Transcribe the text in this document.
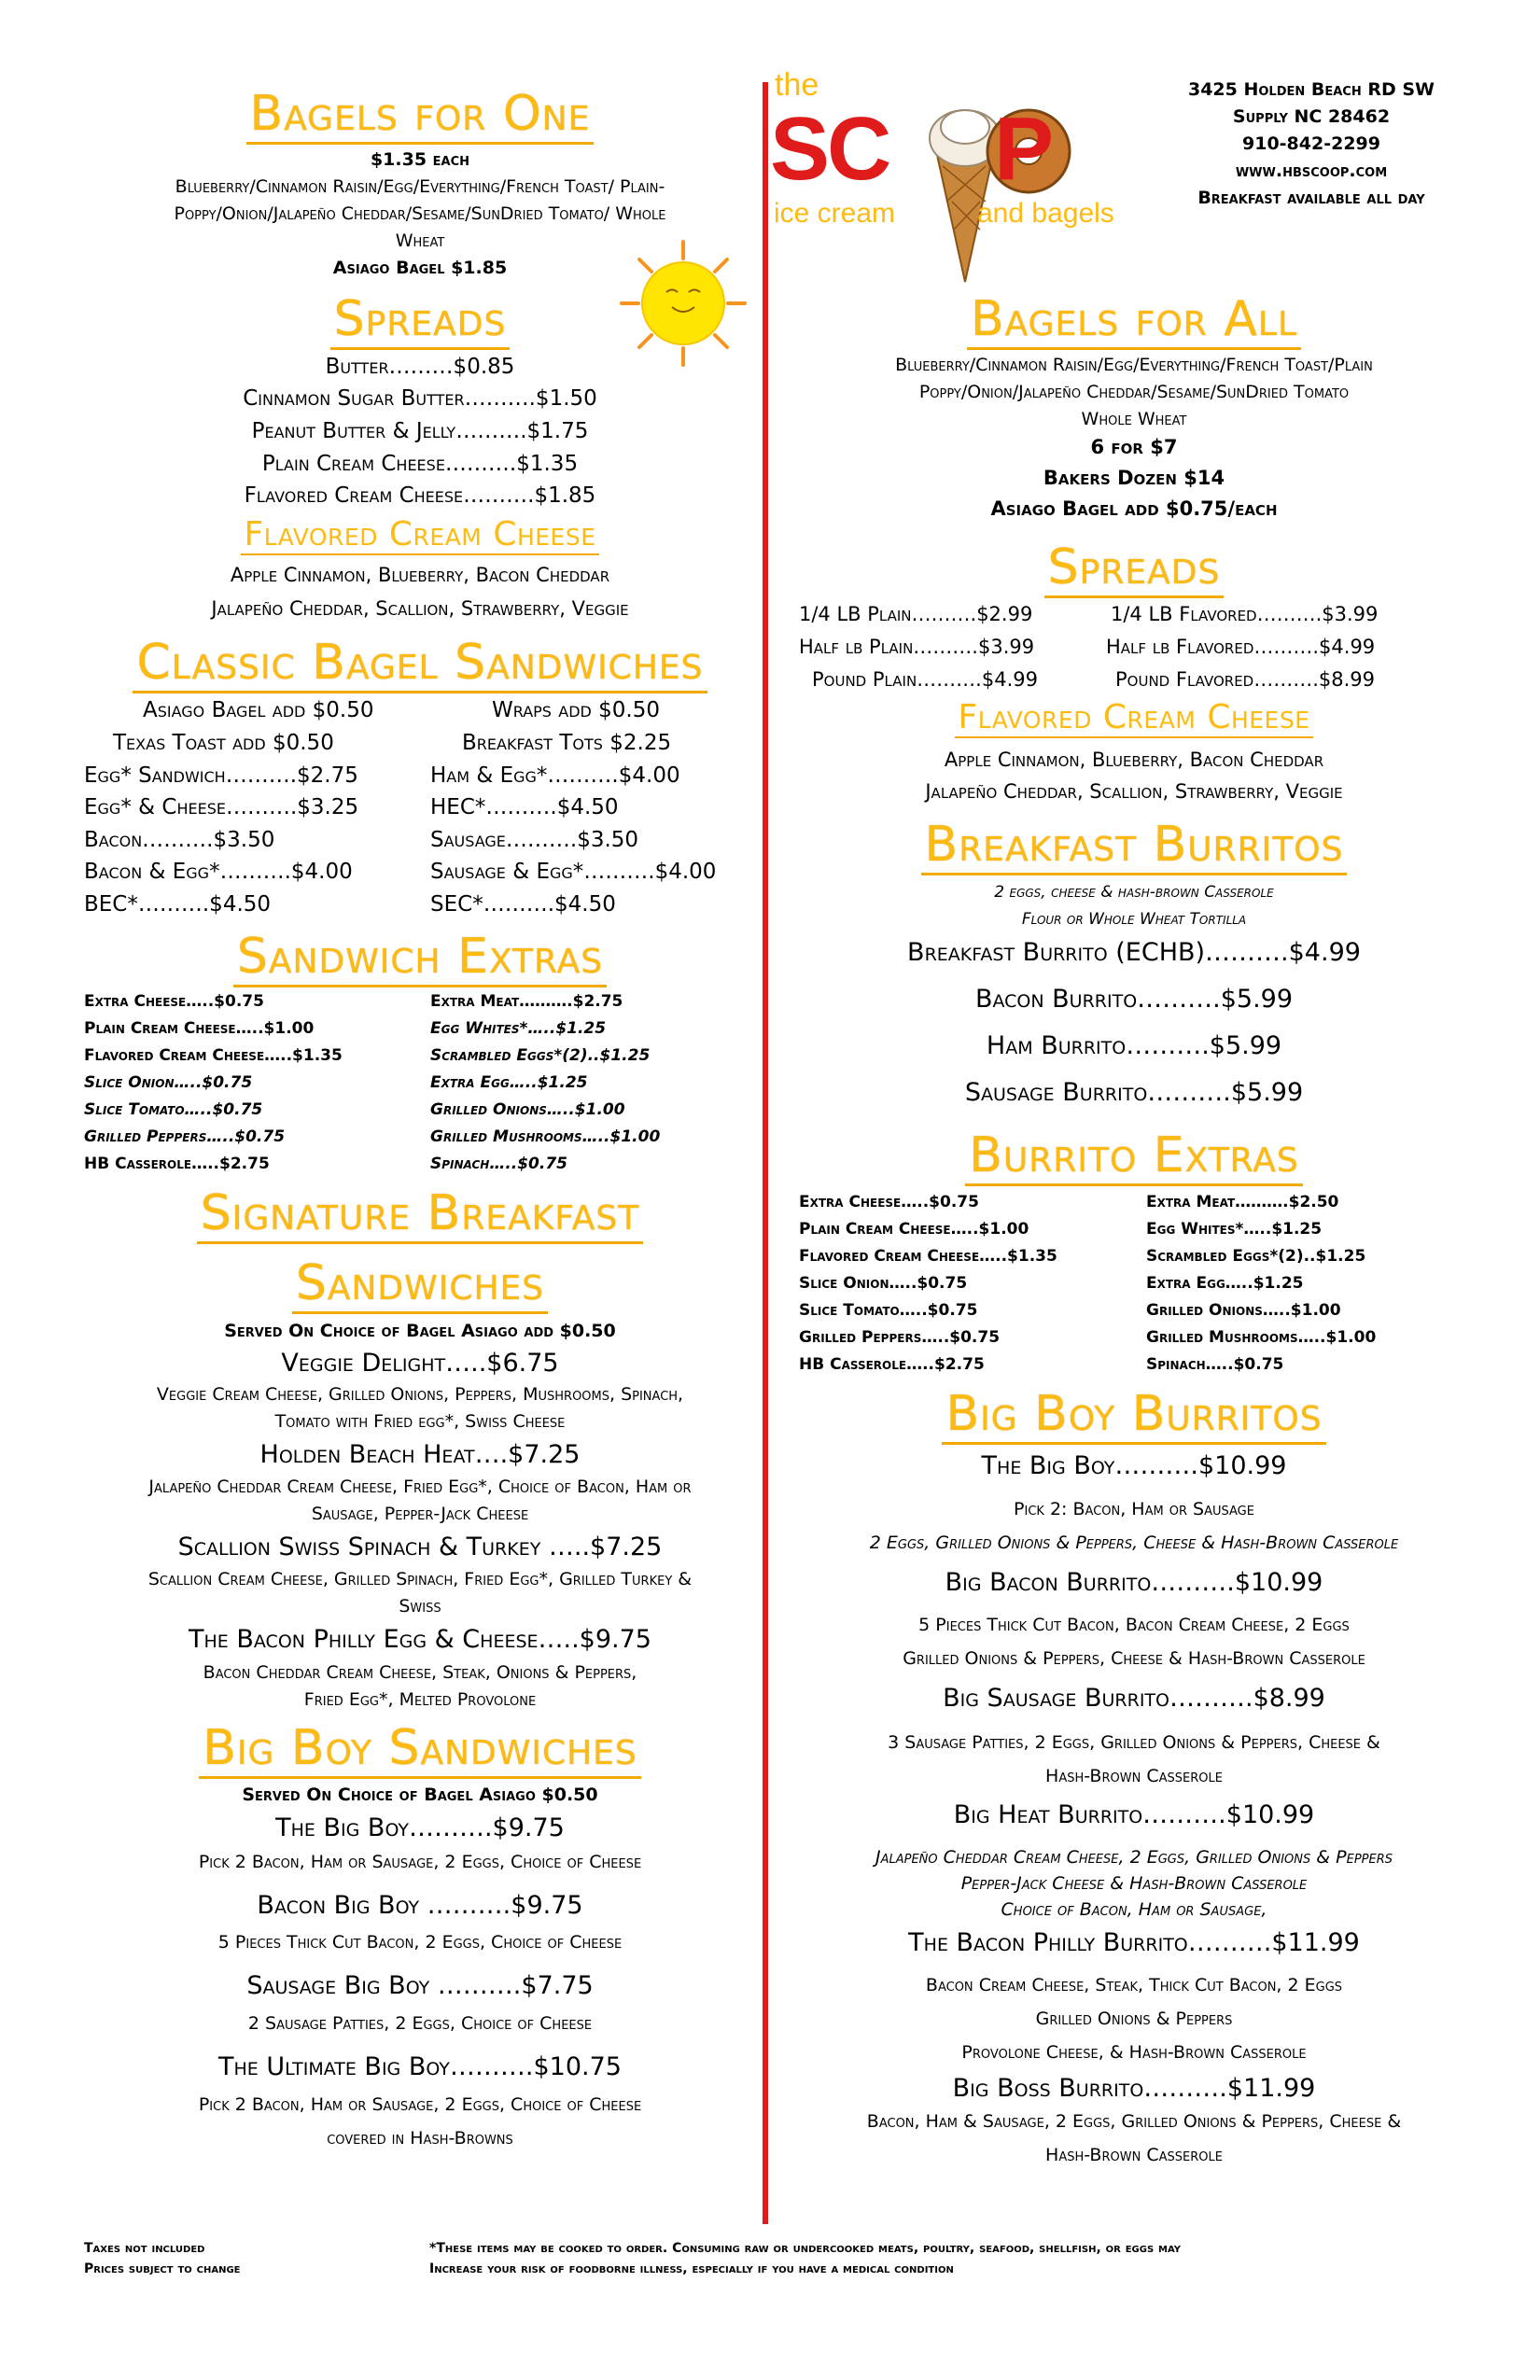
Bagels for One
$1.35 each
Blueberry/Cinnamon Raisin/Egg/Everything/French Toast/ Plain-
Poppy/Onion/Jalapeño Cheddar/Sesame/SunDried Tomato/ Whole
Wheat
Asiago Bagel $1.85
Spreads
Butter………$0.85
Cinnamon Sugar Butter……….$1.50
Peanut Butter & Jelly……….$1.75
Plain Cream Cheese……….$1.35
Flavored Cream Cheese……….$1.85
Flavored Cream Cheese
Apple Cinnamon, Blueberry, Bacon Cheddar
Jalapeño Cheddar, Scallion, Strawberry, Veggie
Classic Bagel Sandwiches
Asiago Bagel add $0.50
Texas Toast add $0.50
Egg* Sandwich……….$2.75
Egg* & Cheese……….$3.25
Bacon……….$3.50
Bacon & Egg*……….$4.00
BEC*……….$4.50
Wraps add $0.50
Breakfast Tots $2.25
Ham & Egg*……….$4.00
HEC*……….$4.50
Sausage……….$3.50
Sausage & Egg*……….$4.00
SEC*……….$4.50
Sandwich Extras
Extra Cheese…..$0.75
Plain Cream Cheese…..$1.00
Flavored Cream Cheese…..$1.35
Slice Onion…..$0.75
Slice Tomato…..$0.75
Grilled Peppers…..$0.75
HB Casserole…..$2.75
Extra Meat……….$2.75
Egg Whites*…..$1.25
Scrambled Eggs*(2)..$1.25
Extra Egg…..$1.25
Grilled Onions…..$1.00
Grilled Mushrooms…..$1.00
Spinach…..$0.75
Signature Breakfast
Sandwiches
Served On Choice of Bagel Asiago add $0.50
Veggie Delight…..$6.75
Veggie Cream Cheese, Grilled Onions, Peppers, Mushrooms, Spinach,
Tomato with Fried egg*, Swiss Cheese
Holden Beach Heat….$7.25
Jalapeño Cheddar Cream Cheese, Fried Egg*, Choice of Bacon, Ham or
Sausage, Pepper-Jack Cheese
Scallion Swiss Spinach & Turkey …..$7.25
Scallion Cream Cheese, Grilled Spinach, Fried Egg*, Grilled Turkey &
Swiss
The Bacon Philly Egg & Cheese…..$9.75
Bacon Cheddar Cream Cheese, Steak, Onions & Peppers,
Fried Egg*, Melted Provolone
Big Boy Sandwiches
Served On Choice of Bagel Asiago $0.50
The Big Boy……….$9.75
Pick 2 Bacon, Ham or Sausage, 2 Eggs, Choice of Cheese
Bacon Big Boy ……….$9.75
5 Pieces Thick Cut Bacon, 2 Eggs, Choice of Cheese
Sausage Big Boy ……….$7.75
2 Sausage Patties, 2 Eggs, Choice of Cheese
The Ultimate Big Boy……….$10.75
Pick 2 Bacon, Ham or Sausage, 2 Eggs, Choice of Cheese
covered in Hash-Browns
the
SC P
ice cream	and bagels
3425 Holden Beach RD SW
Supply NC 28462
910-842-2299
www.hbscoop.com
Breakfast available all day
Bagels for All
Blueberry/Cinnamon Raisin/Egg/Everything/French Toast/Plain
Poppy/Onion/Jalapeño Cheddar/Sesame/SunDried Tomato
Whole Wheat
6 for $7
Bakers Dozen $14
Asiago Bagel add $0.75/each
Spreads
1/4 LB Plain……….$2.99
Half lb Plain……….$3.99
Pound Plain……….$4.99
1/4 LB Flavored……….$3.99
Half lb Flavored……….$4.99
Pound Flavored……….$8.99
Flavored Cream Cheese
Apple Cinnamon, Blueberry, Bacon Cheddar
Jalapeño Cheddar, Scallion, Strawberry, Veggie
Breakfast Burritos
2 eggs, cheese & hash-brown Casserole
Flour or Whole Wheat Tortilla
Breakfast Burrito (ECHB)……….$4.99
Bacon Burrito……….$5.99
Ham Burrito……….$5.99
Sausage Burrito……….$5.99
Burrito Extras
Extra Cheese…..$0.75
Plain Cream Cheese…..$1.00
Flavored Cream Cheese…..$1.35
Slice Onion…..$0.75
Slice Tomato…..$0.75
Grilled Peppers…..$0.75
HB Casserole…..$2.75
Extra Meat……….$2.50
Egg Whites*…..$1.25
Scrambled Eggs*(2)..$1.25
Extra Egg…..$1.25
Grilled Onions…..$1.00
Grilled Mushrooms…..$1.00
Spinach…..$0.75
Big Boy Burritos
The Big Boy……….$10.99
Pick 2: Bacon, Ham or Sausage
2 Eggs, Grilled Onions & Peppers, Cheese & Hash-Brown Casserole
Big Bacon Burrito……….$10.99
5 Pieces Thick Cut Bacon, Bacon Cream Cheese, 2 Eggs
Grilled Onions & Peppers, Cheese & Hash-Brown Casserole
Big Sausage Burrito……….$8.99
3 Sausage Patties, 2 Eggs, Grilled Onions & Peppers, Cheese &
Hash-Brown Casserole
Big Heat Burrito……….$10.99
Jalapeño Cheddar Cream Cheese, 2 Eggs, Grilled Onions & Peppers
Pepper-Jack Cheese & Hash-Brown Casserole
Choice of Bacon, Ham or Sausage,
The Bacon Philly Burrito……….$11.99
Bacon Cream Cheese, Steak, Thick Cut Bacon, 2 Eggs
Grilled Onions & Peppers
Provolone Cheese, & Hash-Brown Casserole
Big Boss Burrito……….$11.99
Bacon, Ham & Sausage, 2 Eggs, Grilled Onions & Peppers, Cheese &
Hash-Brown Casserole
Taxes not included
Prices subject to change
*These items may be cooked to order. Consuming raw or undercooked meats, poultry, seafood, shellfish, or eggs may
Increase your risk of foodborne illness, especially if you have a medical condition
